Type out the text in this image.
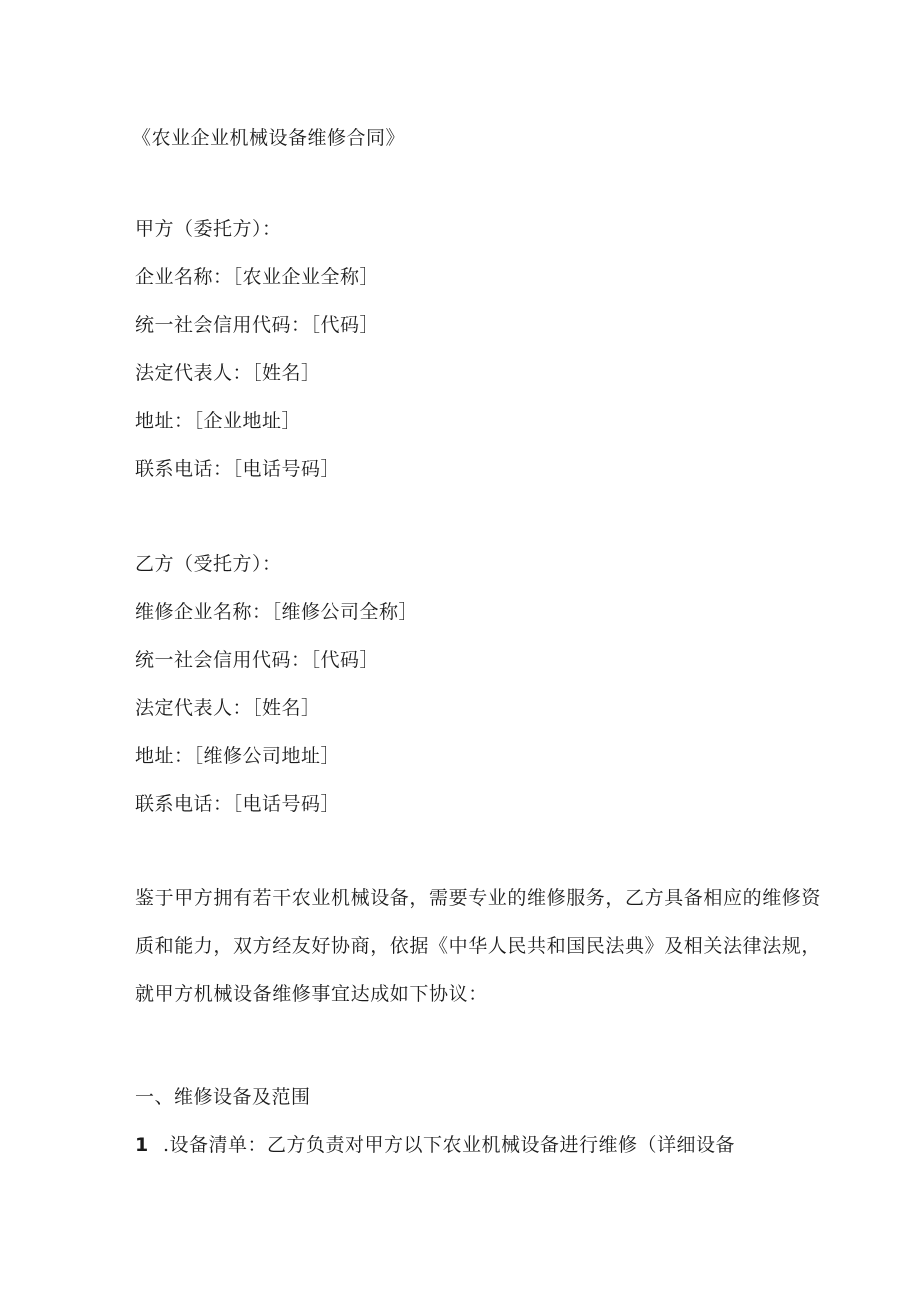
《农业企业机械设备维修合同》
甲方（委托方）：
企业名称：［农业企业全称］
统一社会信用代码：［代码］
法定代表人：［姓名］
地址：［企业地址］
联系电话：［电话号码］
乙方（受托方）：
维修企业名称：［维修公司全称］
统一社会信用代码：［代码］
法定代表人：［姓名］
地址：［维修公司地址］
联系电话：［电话号码］
鉴于甲方拥有若干农业机械设备，需要专业的维修服务，乙方具备相应的维修资
质和能力，双方经友好协商，依据《中华人民共和国民法典》及相关法律法规，
就甲方机械设备维修事宜达成如下协议：
一、维修设备及范围
1 .设备清单：乙方负责对甲方以下农业机械设备进行维修（详细设备
